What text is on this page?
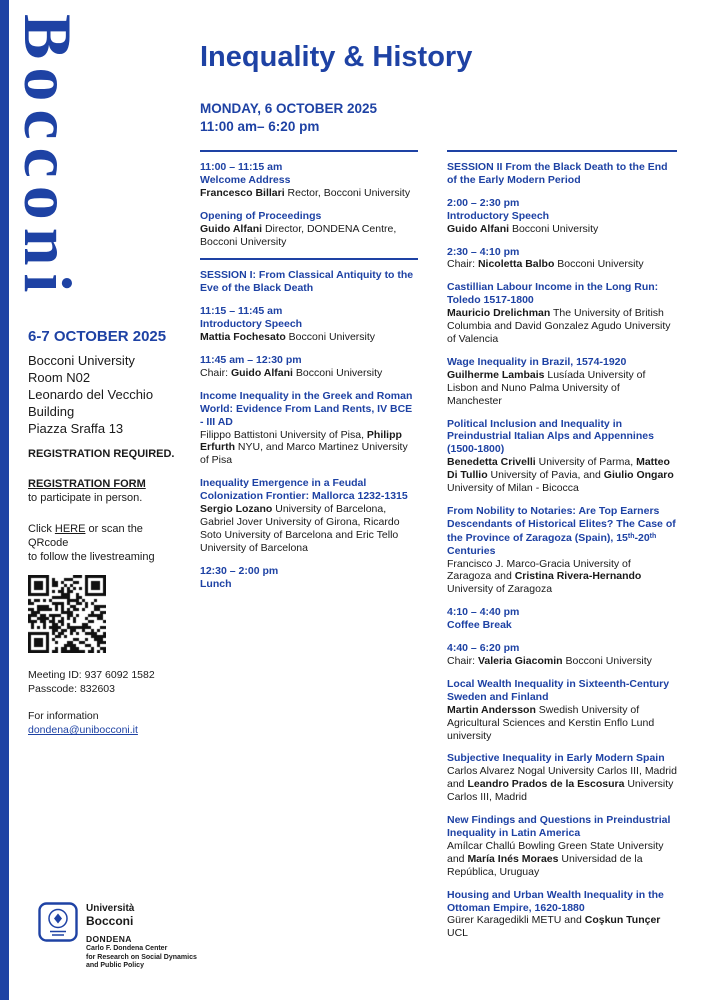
Bocconi
6-7 OCTOBER 2025
Bocconi University
Room N02
Leonardo del Vecchio
Building
Piazza Sraffa 13
REGISTRATION REQUIRED.
REGISTRATION FORM
to participate in person.
Click HERE or scan the QRcode
to follow the livestreaming
Meeting ID: 937 6092 1582
Passcode: 832603
For information
dondena@unibocconi.it
Università
Bocconi
DONDENA
Carlo F. Dondena Center
for Research on Social Dynamics
and Public Policy
Inequality & History
MONDAY, 6 OCTOBER 2025
11:00 am– 6:20 pm
11:00 – 11:15 am
Welcome Address
Francesco Billari Rector, Bocconi University
Opening of Proceedings
Guido Alfani Director, DONDENA Centre, Bocconi University
SESSION I: From Classical Antiquity to the Eve of the Black Death
11:15 – 11:45 am
Introductory Speech
Mattia Fochesato Bocconi University
11:45 am – 12:30 pm
Chair: Guido Alfani Bocconi University
Income Inequality in the Greek and Roman World: Evidence From Land Rents, IV BCE - III AD
Filippo Battistoni University of Pisa, Philipp Erfurth NYU, and Marco Martinez University of Pisa
Inequality Emergence in a Feudal Colonization Frontier: Mallorca 1232-1315
Sergio Lozano University of Barcelona, Gabriel Jover University of Girona, Ricardo Soto University of Barcelona and Eric Tello University of Barcelona
12:30 – 2:00 pm
Lunch
SESSION II From the Black Death to the End of the Early Modern Period
2:00 – 2:30 pm
Introductory Speech
Guido Alfani Bocconi University
2:30 – 4:10 pm
Chair: Nicoletta Balbo Bocconi University
Castillian Labour Income in the Long Run: Toledo 1517-1800
Mauricio Drelichman The University of British Columbia and David Gonzalez Agudo University of Valencia
Wage Inequality in Brazil, 1574-1920
Guilherme Lambais Lusíada University of Lisbon and Nuno Palma University of Manchester
Political Inclusion and Inequality in Preindustrial Italian Alps and Appennines (1500-1800)
Benedetta Crivelli University of Parma, Matteo Di Tullio University of Pavia, and Giulio Ongaro University of Milan - Bicocca
From Nobility to Notaries: Are Top Earners Descendants of Historical Elites? The Case of the Province of Zaragoza (Spain), 15th-20th Centuries
Francisco J. Marco-Gracia University of Zaragoza and Cristina Rivera-Hernando University of Zaragoza
4:10 – 4:40 pm
Coffee Break
4:40 – 6:20 pm
Chair: Valeria Giacomin Bocconi University
Local Wealth Inequality in Sixteenth-Century Sweden and Finland
Martin Andersson Swedish University of Agricultural Sciences and Kerstin Enflo Lund university
Subjective Inequality in Early Modern Spain
Carlos Alvarez Nogal University Carlos III, Madrid and Leandro Prados de la Escosura University Carlos III, Madrid
New Findings and Questions in Preindustrial Inequality in Latin America
Amílcar Challú Bowling Green State University and María Inés Moraes Universidad de la República, Uruguay
Housing and Urban Wealth Inequality in the Ottoman Empire, 1620-1880
Gürer Karagedikli METU and Coşkun Tunçer UCL
